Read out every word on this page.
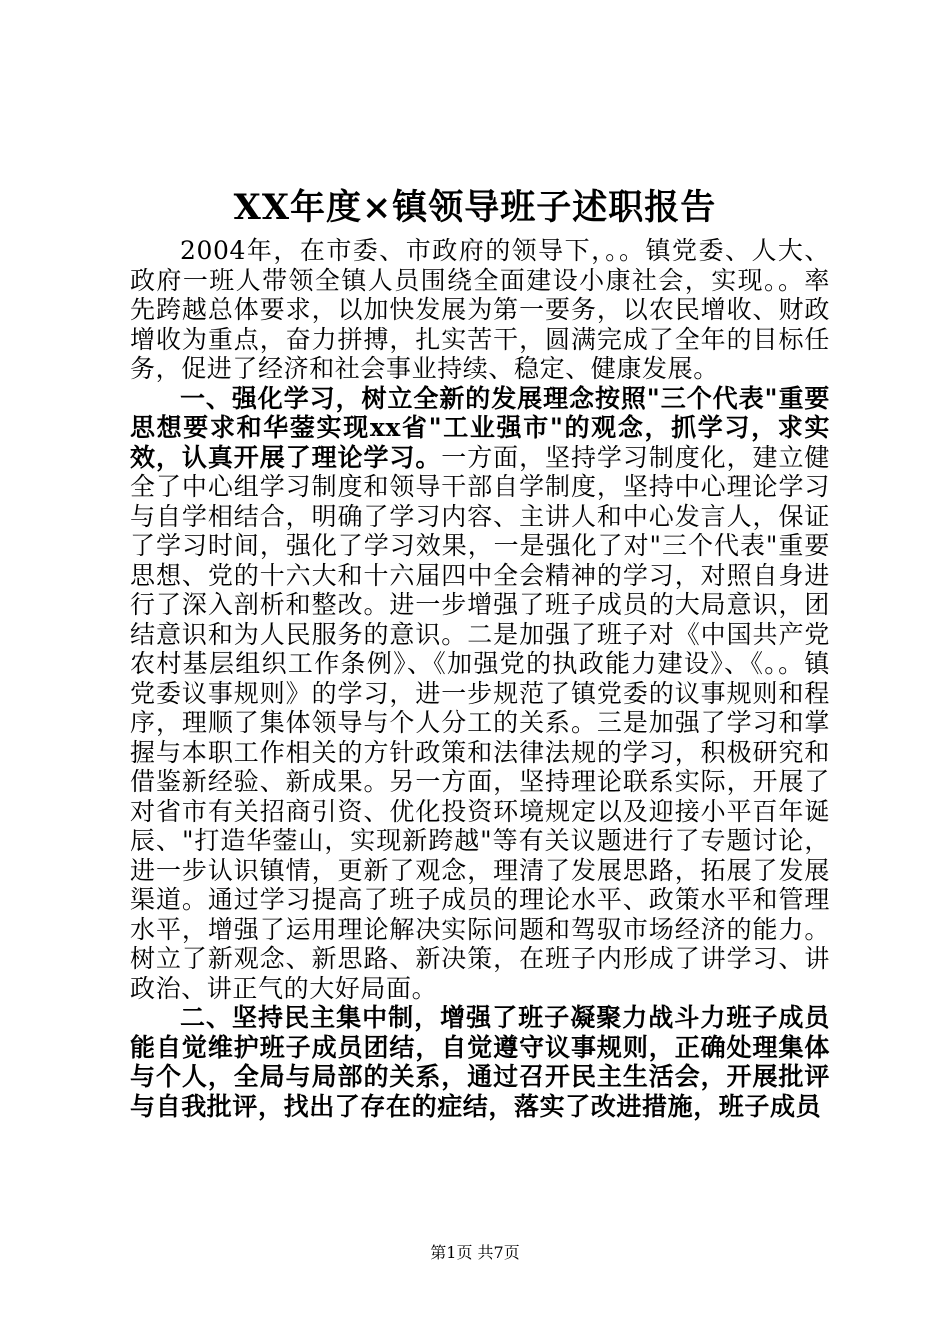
XX年度×镇领导班子述职报告

2004年，在市委、市政府的领导下，。。镇党委、人大、政府一班人带领全镇人员围绕全面建设小康社会，实现。。率先跨越总体要求，以加快发展为第一要务，以农民增收、财政增收为重点，奋力拼搏，扎实苦干，圆满完成了全年的目标任务，促进了经济和社会事业持续、稳定、健康发展。

一、强化学习，树立全新的发展理念按照"三个代表"重要思想要求和华蓥实现xx省"工业强市"的观念，抓学习，求实效，认真开展了理论学习。一方面，坚持学习制度化，建立健全了中心组学习制度和领导干部自学制度，坚持中心理论学习与自学相结合，明确了学习内容、主讲人和中心发言人，保证了学习时间，强化了学习效果，一是强化了对"三个代表"重要思想、党的十六大和十六届四中全会精神的学习，对照自身进行了深入剖析和整改。进一步增强了班子成员的大局意识，团结意识和为人民服务的意识。二是加强了班子对《中国共产党农村基层组织工作条例》、《加强党的执政能力建设》、《。。镇党委议事规则》的学习，进一步规范了镇党委的议事规则和程序，理顺了集体领导与个人分工的关系。三是加强了学习和掌握与本职工作相关的方针政策和法律法规的学习，积极研究和借鉴新经验、新成果。另一方面，坚持理论联系实际，开展了对省市有关招商引资、优化投资环境规定以及迎接小平百年诞辰、"打造华蓥山，实现新跨越"等有关议题进行了专题讨论，进一步认识镇情，更新了观念，理清了发展思路，拓展了发展渠道。通过学习提高了班子成员的理论水平、政策水平和管理水平，增强了运用理论解决实际问题和驾驭市场经济的能力。树立了新观念、新思路、新决策，在班子内形成了讲学习、讲政治、讲正气的大好局面。

二、坚持民主集中制，增强了班子凝聚力战斗力班子成员能自觉维护班子成员团结，自觉遵守议事规则，正确处理集体与个人，全局与局部的关系，通过召开民主生活会，开展批评与自我批评，找出了存在的症结，落实了改进措施，班子成员

第1页 共7页
